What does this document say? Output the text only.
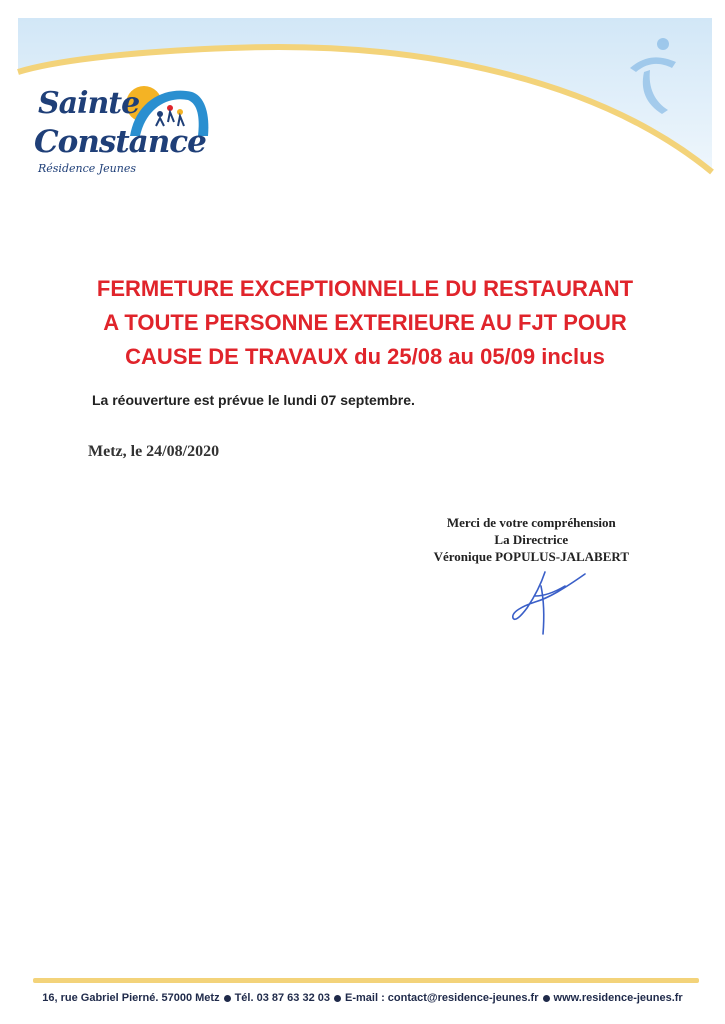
Sainte
Constance
Résidence Jeunes
FERMETURE EXCEPTIONNELLE DU RESTAURANT
A TOUTE PERSONNE EXTERIEURE AU FJT POUR
CAUSE DE TRAVAUX du 25/08 au 05/09 inclus
La réouverture est prévue le lundi 07 septembre.
Metz, le 24/08/2020
Merci de votre compréhension
La Directrice
Véronique POPULUS-JALABERT
16, rue Gabriel Pierné. 57000 Metz Tél. 03 87 63 32 03 E-mail : contact@residence-jeunes.fr www.residence-jeunes.fr
